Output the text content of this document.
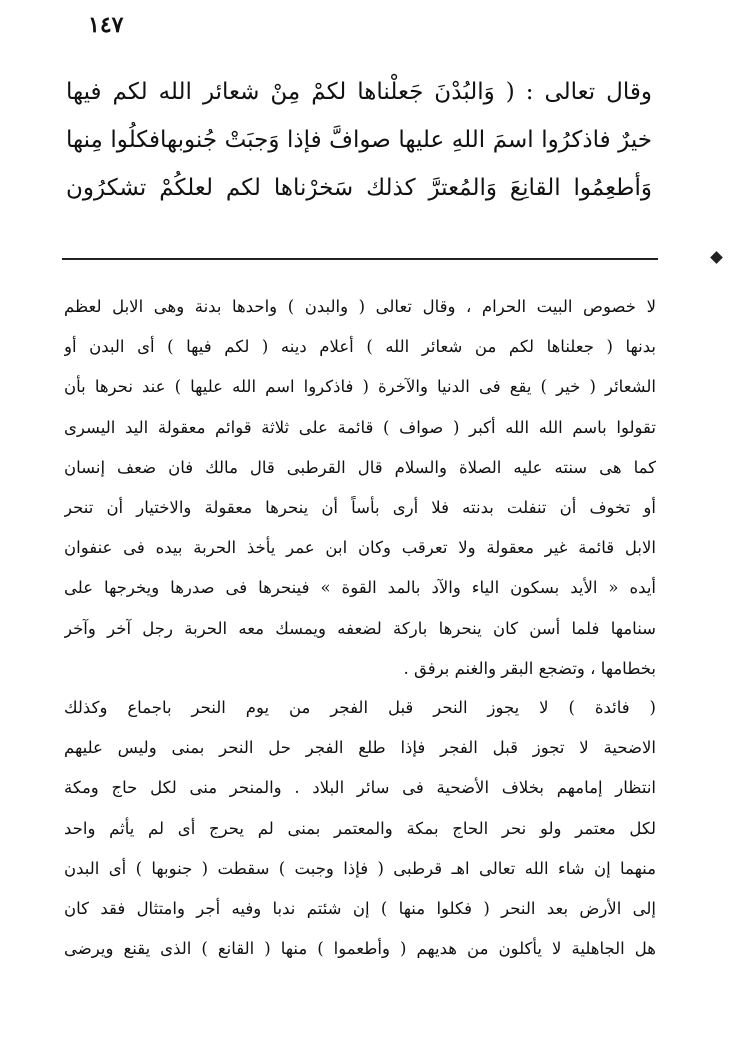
١٤٧
وقال تعالى : ( وَالبُدْنَ جَعلْناها لكمْ مِنْ شعائر الله لكم فيها
خيرٌ فاذكرُوا اسمَ اللهِ عليها صوافَّ فإذا وَجبَتْ جُنوبهافكلُوا مِنها
وَأطعِمُوا القانِعَ وَالمُعترَّ كذلك سَخرْناها لكم لعلكُمْ تشكرُون
لا خصوص البيت الحرام ، وقال تعالى ( والبدن ) واحدها بدنة وهى الابل لعظم
بدنها ( جعلناها لكم من شعائر الله ) أعلام دينه ( لكم فيها ) أى البدن أو
الشعائر ( خير ) يقع فى الدنيا والآخرة ( فاذكروا اسم الله عليها ) عند نحرها بأن
تقولوا باسم الله الله أكبر ( صواف ) قائمة على ثلاثة قوائم معقولة اليد اليسرى
كما هى سنته عليه الصلاة والسلام قال القرطبى قال مالك فان ضعف إنسان
أو تخوف أن تنفلت بدنته فلا أرى بأساً أن ينحرها معقولة والاختيار أن تنحر
الابل قائمة غير معقولة ولا تعرقب وكان ابن عمر يأخذ الحربة بيده فى عنفوان
أيده « الأيد بسكون الياء والآد بالمد القوة » فينحرها فى صدرها ويخرجها على
سنامها فلما أسن كان ينحرها باركة لضعفه ويمسك معه الحربة رجل آخر وآخر
بخطامها ، وتضجع البقر والغنم برفق .
( فائدة ) لا يجوز النحر قبل الفجر من يوم النحر باجماع وكذلك
الاضحية لا تجوز قبل الفجر فإذا طلع الفجر حل النحر بمنى وليس عليهم
انتظار إمامهم بخلاف الأضحية فى سائر البلاد . والمنحر منى لكل حاج ومكة
لكل معتمر ولو نحر الحاج بمكة والمعتمر بمنى لم يحرج أى لم يأثم واحد
منهما إن شاء الله تعالى اهـ قرطبى ( فإذا وجبت ) سقطت ( جنوبها ) أى البدن
إلى الأرض بعد النحر ( فكلوا منها ) إن شئتم ندبا وفيه أجر وامتثال فقد كان
هل الجاهلية لا يأكلون من هديهم ( وأطعموا ) منها ( القانع ) الذى يقنع ويرضى
